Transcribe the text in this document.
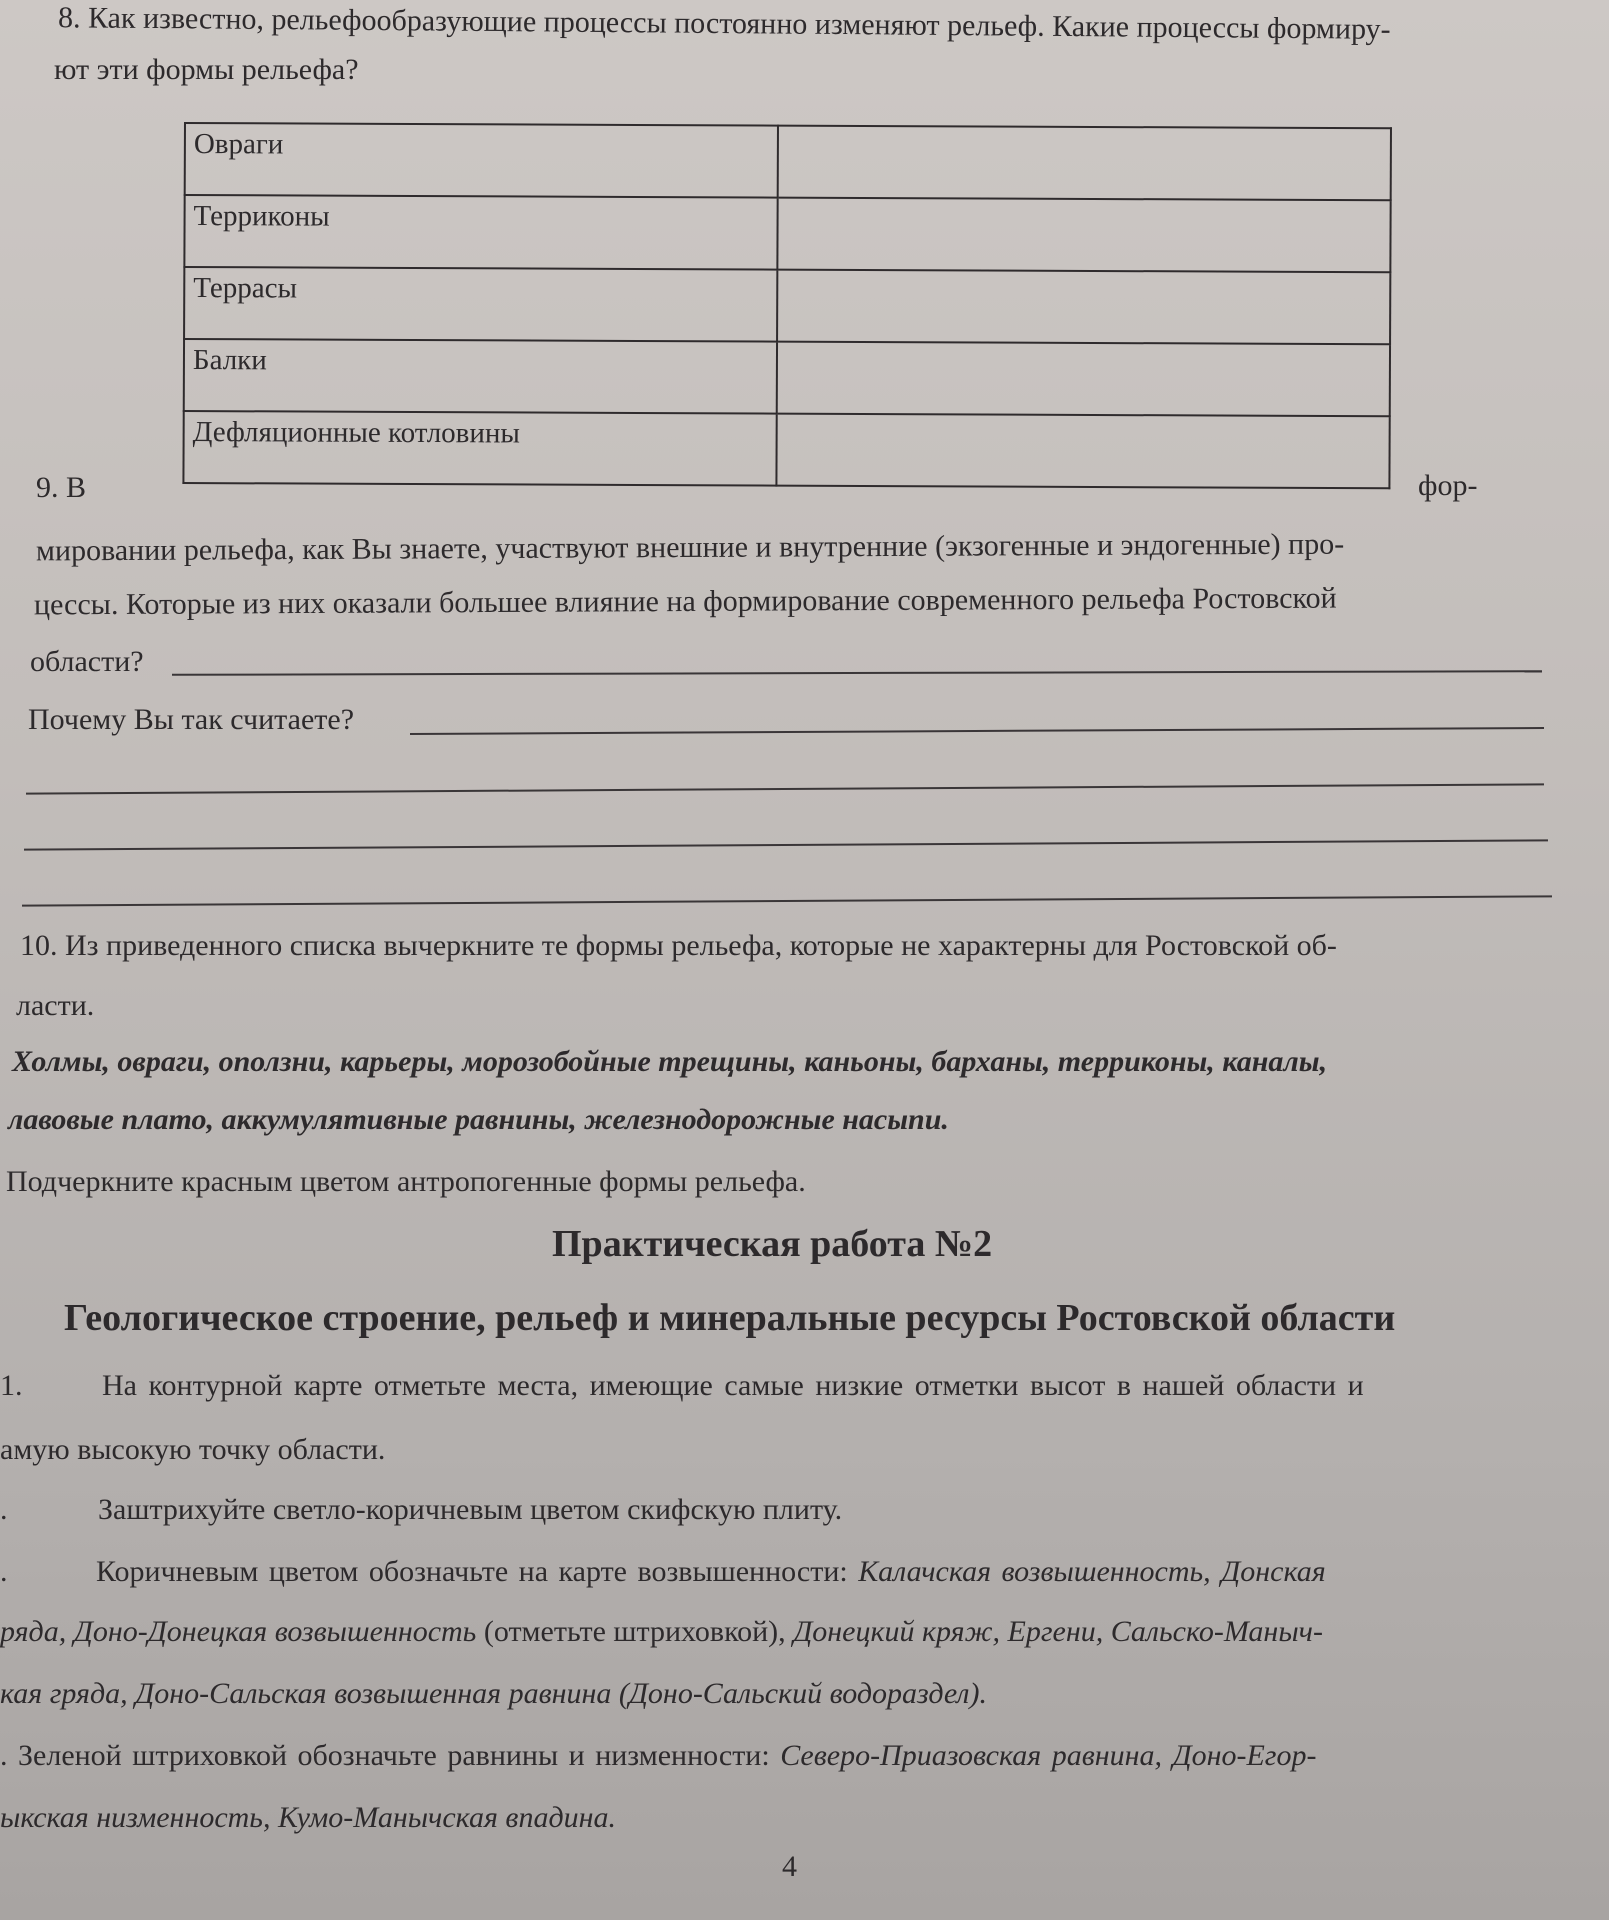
8. Как известно, рельефообразующие процессы постоянно изменяют рельеф. Какие процессы формиру-
ют эти формы рельефа?
Овраги	
Терриконы	
Террасы	
Балки	
Дефляционные котловины	
9. В	фор-
мировании рельефа, как Вы знаете, участвуют внешние и внутренние (экзогенные и эндогенные) про-
цессы. Которые из них оказали большее влияние на формирование современного рельефа Ростовской
области?
Почему Вы так считаете?
10. Из приведенного списка вычеркните те формы рельефа, которые не характерны для Ростовской об-
ласти.
Холмы, овраги, оползни, карьеры, морозобойные трещины, каньоны, барханы, терриконы, каналы,
лавовые плато, аккумулятивные равнины, железнодорожные насыпи.
Подчеркните красным цветом антропогенные формы рельефа.
Практическая работа №2
Геологическое строение, рельеф и минеральные ресурсы Ростовской области
1.	На контурной карте отметьте места, имеющие самые низкие отметки высот в нашей области и
амую высокую точку области.
.	Заштрихуйте светло-коричневым цветом скифскую плиту.
.	Коричневым цветом обозначьте на карте возвышенности: Калачская возвышенность, Донская
ряда, Доно-Донецкая возвышенность (отметьте штриховкой), Донецкий кряж, Ергени, Сальско-Маныч-
кая гряда, Доно-Сальская возвышенная равнина (Доно-Сальский водораздел).
. Зеленой штриховкой обозначьте равнины и низменности: Северо-Приазовская равнина, Доно-Егор-
ыкская низменность, Кумо-Манычская впадина.
4
